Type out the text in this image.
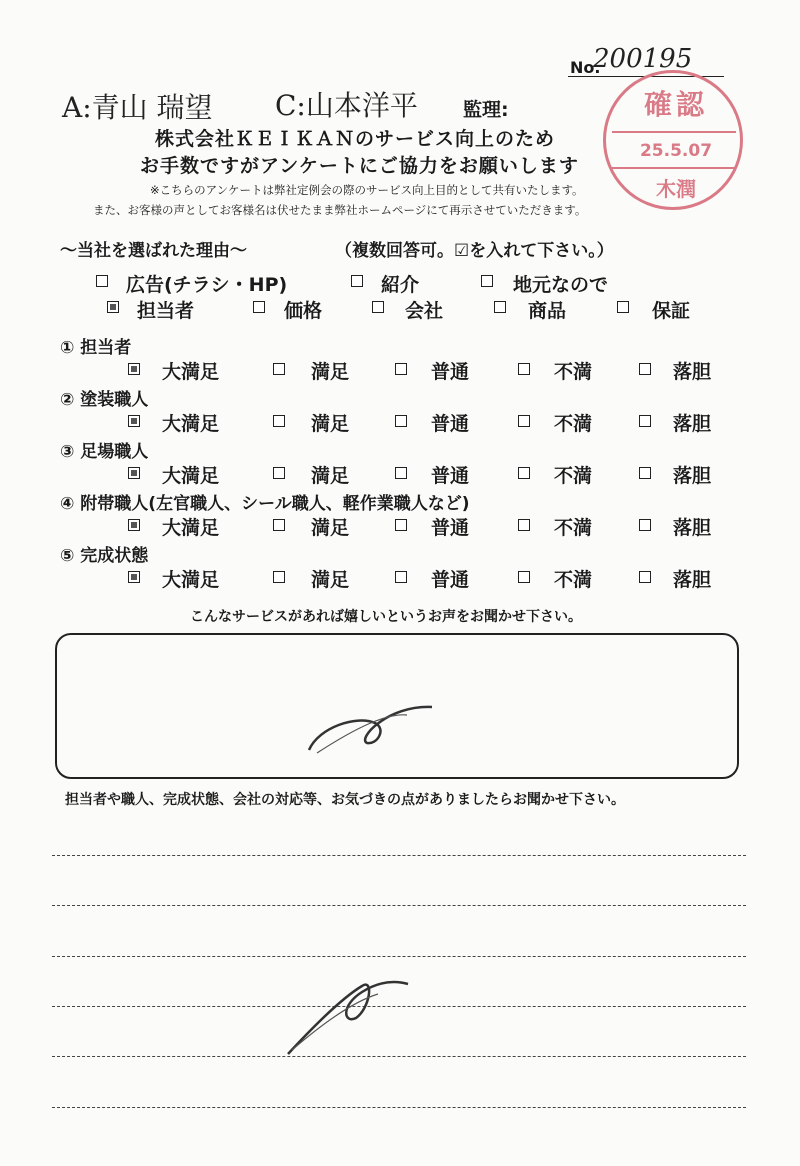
No.
200195
A:青山 瑞望 C:山本洋平 監理:
株式会社ＫＥＩＫＡＮのサービス向上のため
お手数ですがアンケートにご協力をお願いします
※こちらのアンケートは弊社定例会の際のサービス向上目的として共有いたします。
また、お客様の声としてお客様名は伏せたまま弊社ホームページにて再示させていただきます。
確認
25.5.07
木潤
～当社を選ばれた理由～	（複数回答可。☑を入れて下さい。）
広告(チラシ・HP)	紹介	地元なので
担当者	価格	会社	商品	保証
① 担当者
大満足	満足	普通	不満	落胆
② 塗装職人
大満足	満足	普通	不満	落胆
③ 足場職人
大満足	満足	普通	不満	落胆
④ 附帯職人(左官職人、シール職人、軽作業職人など)
大満足	満足	普通	不満	落胆
⑤ 完成状態
大満足	満足	普通	不満	落胆
こんなサービスがあれば嬉しいというお声をお聞かせ下さい。
担当者や職人、完成状態、会社の対応等、お気づきの点がありましたらお聞かせ下さい。
